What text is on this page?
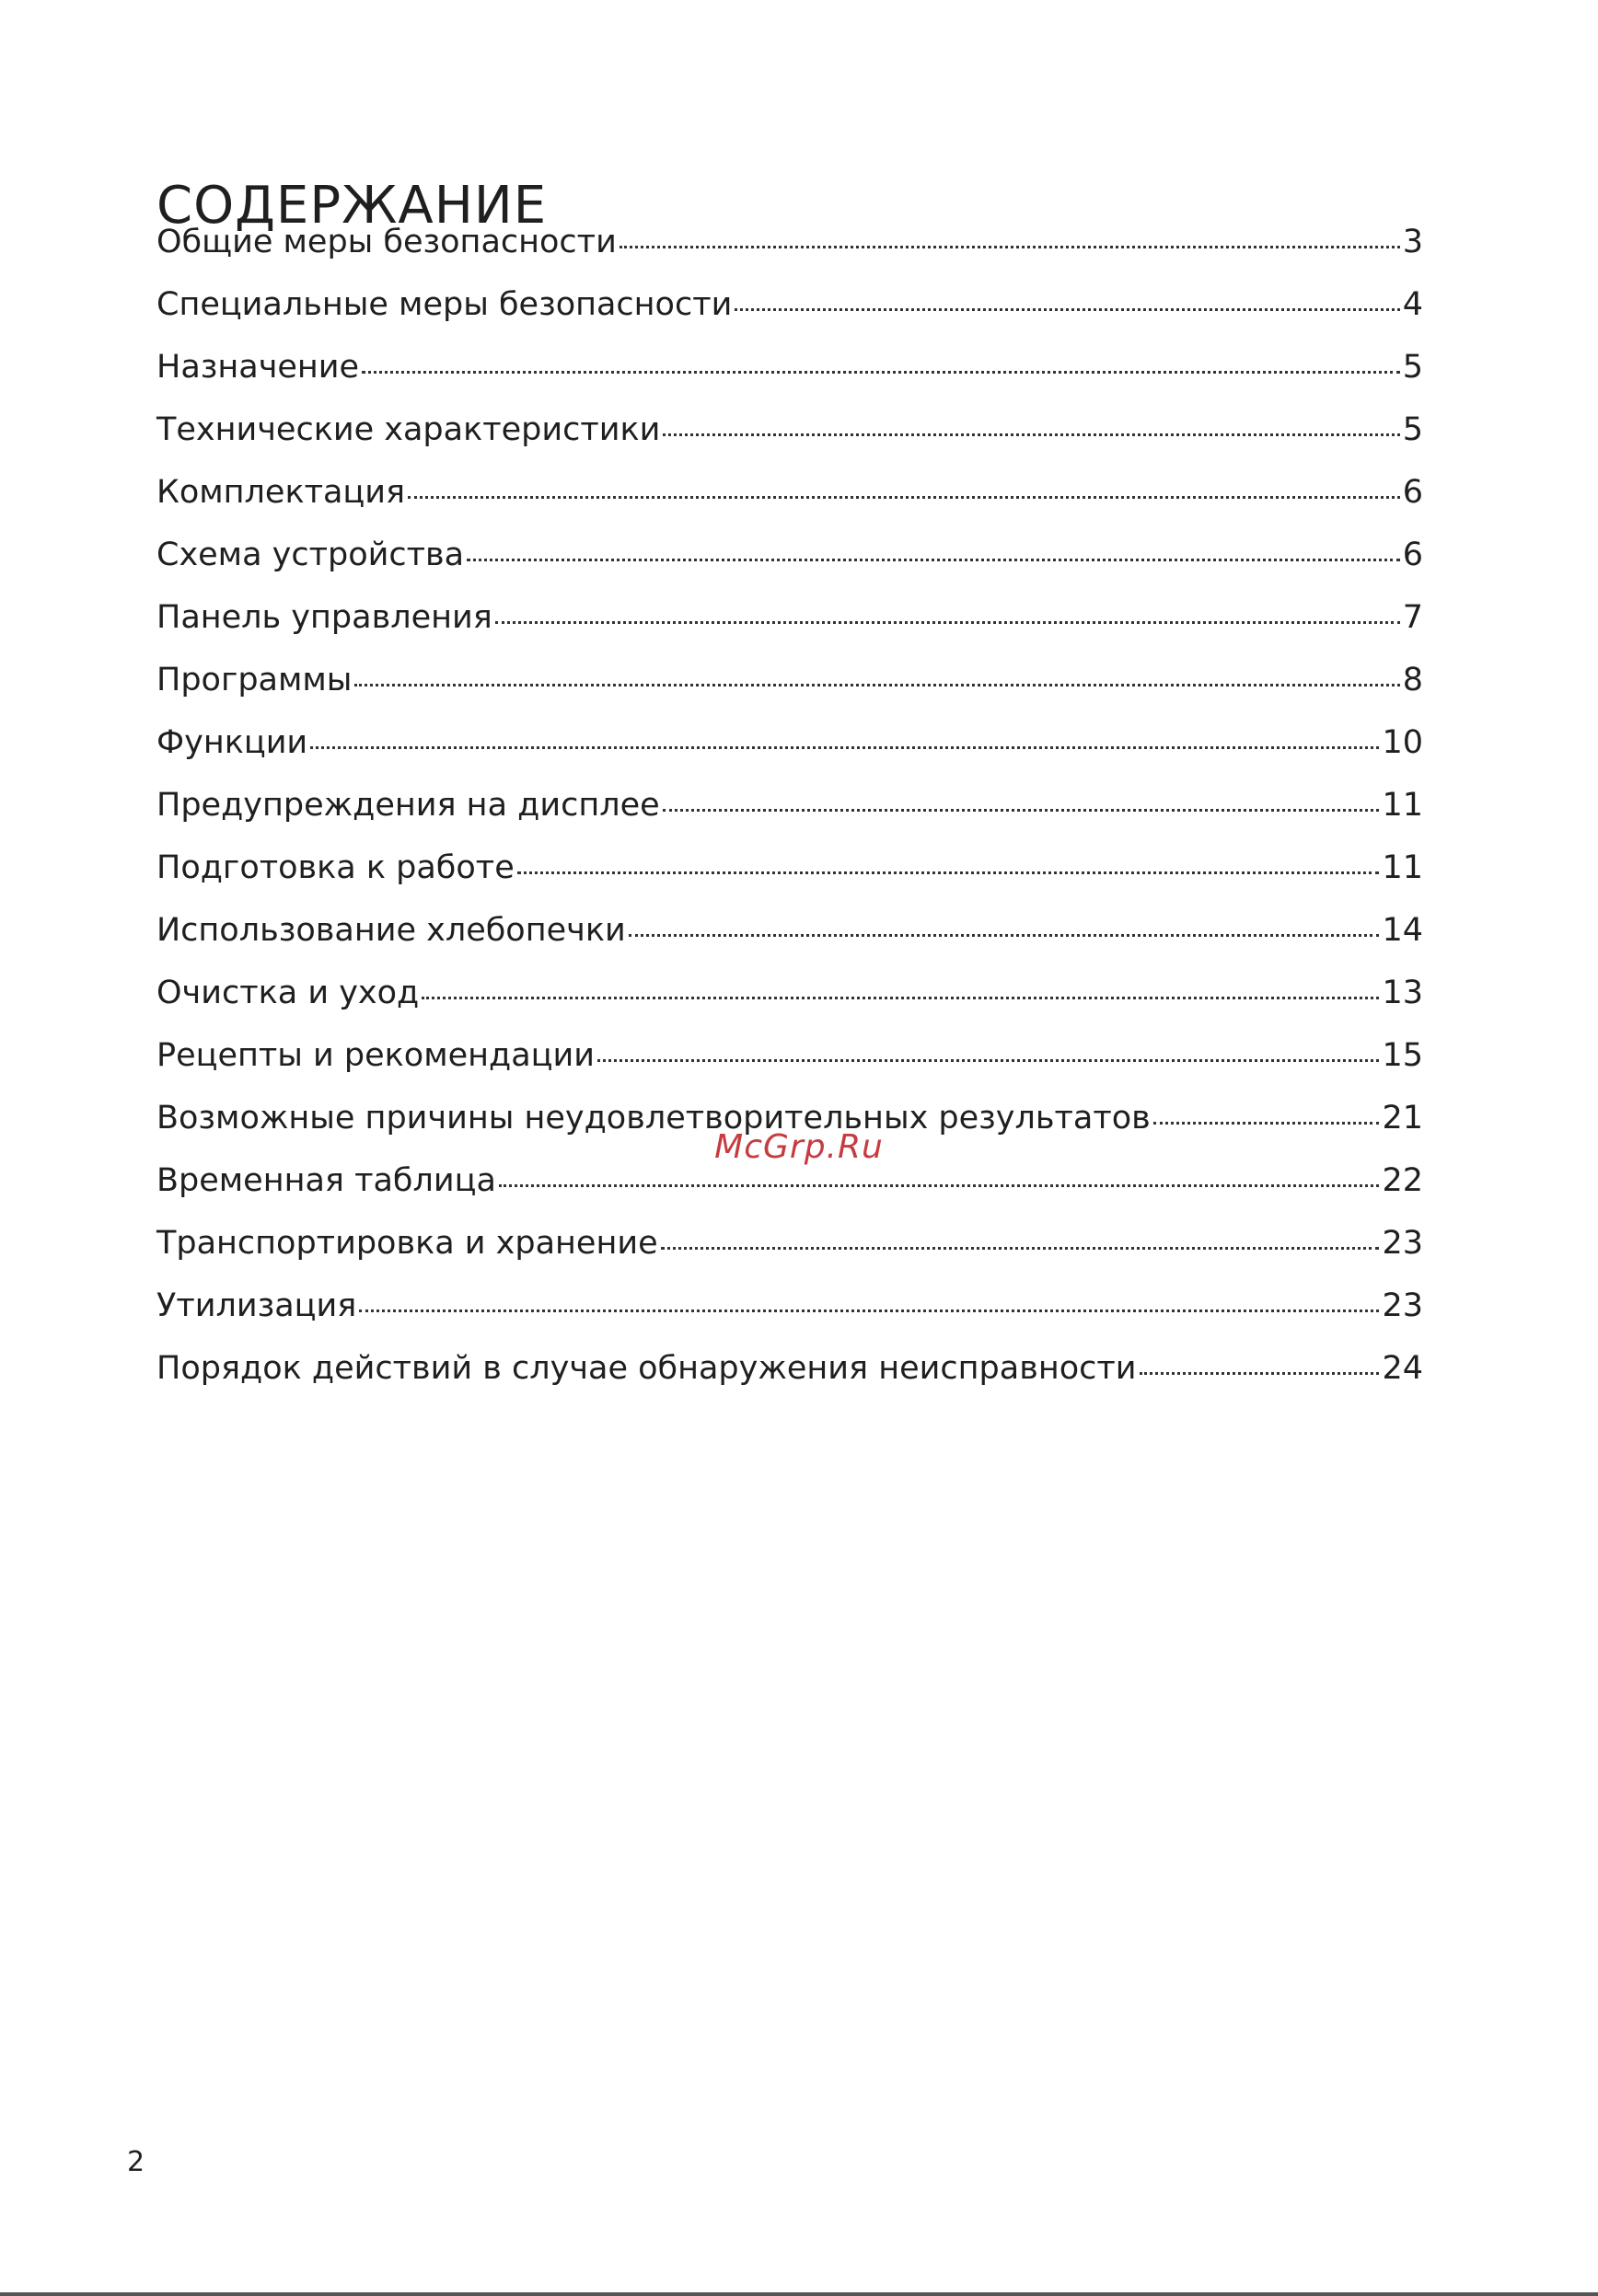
СОДЕРЖАНИЕ
Общие меры безопасности	3
Специальные меры безопасности	4
Назначение	5
Технические характеристики	5
Комплектация	6
Схема устройства	6
Панель управления	7
Программы	8
Функции	10
Предупреждения на дисплее	11
Подготовка к работе	11
Использование хлебопечки	14
Очистка и уход	13
Рецепты и рекомендации	15
Возможные причины неудовлетворительных результатов	21
Временная таблица	22
Транспортировка и хранение	23
Утилизация	23
Порядок действий в случае обнаружения неисправности	24
McGrp.Ru
2
